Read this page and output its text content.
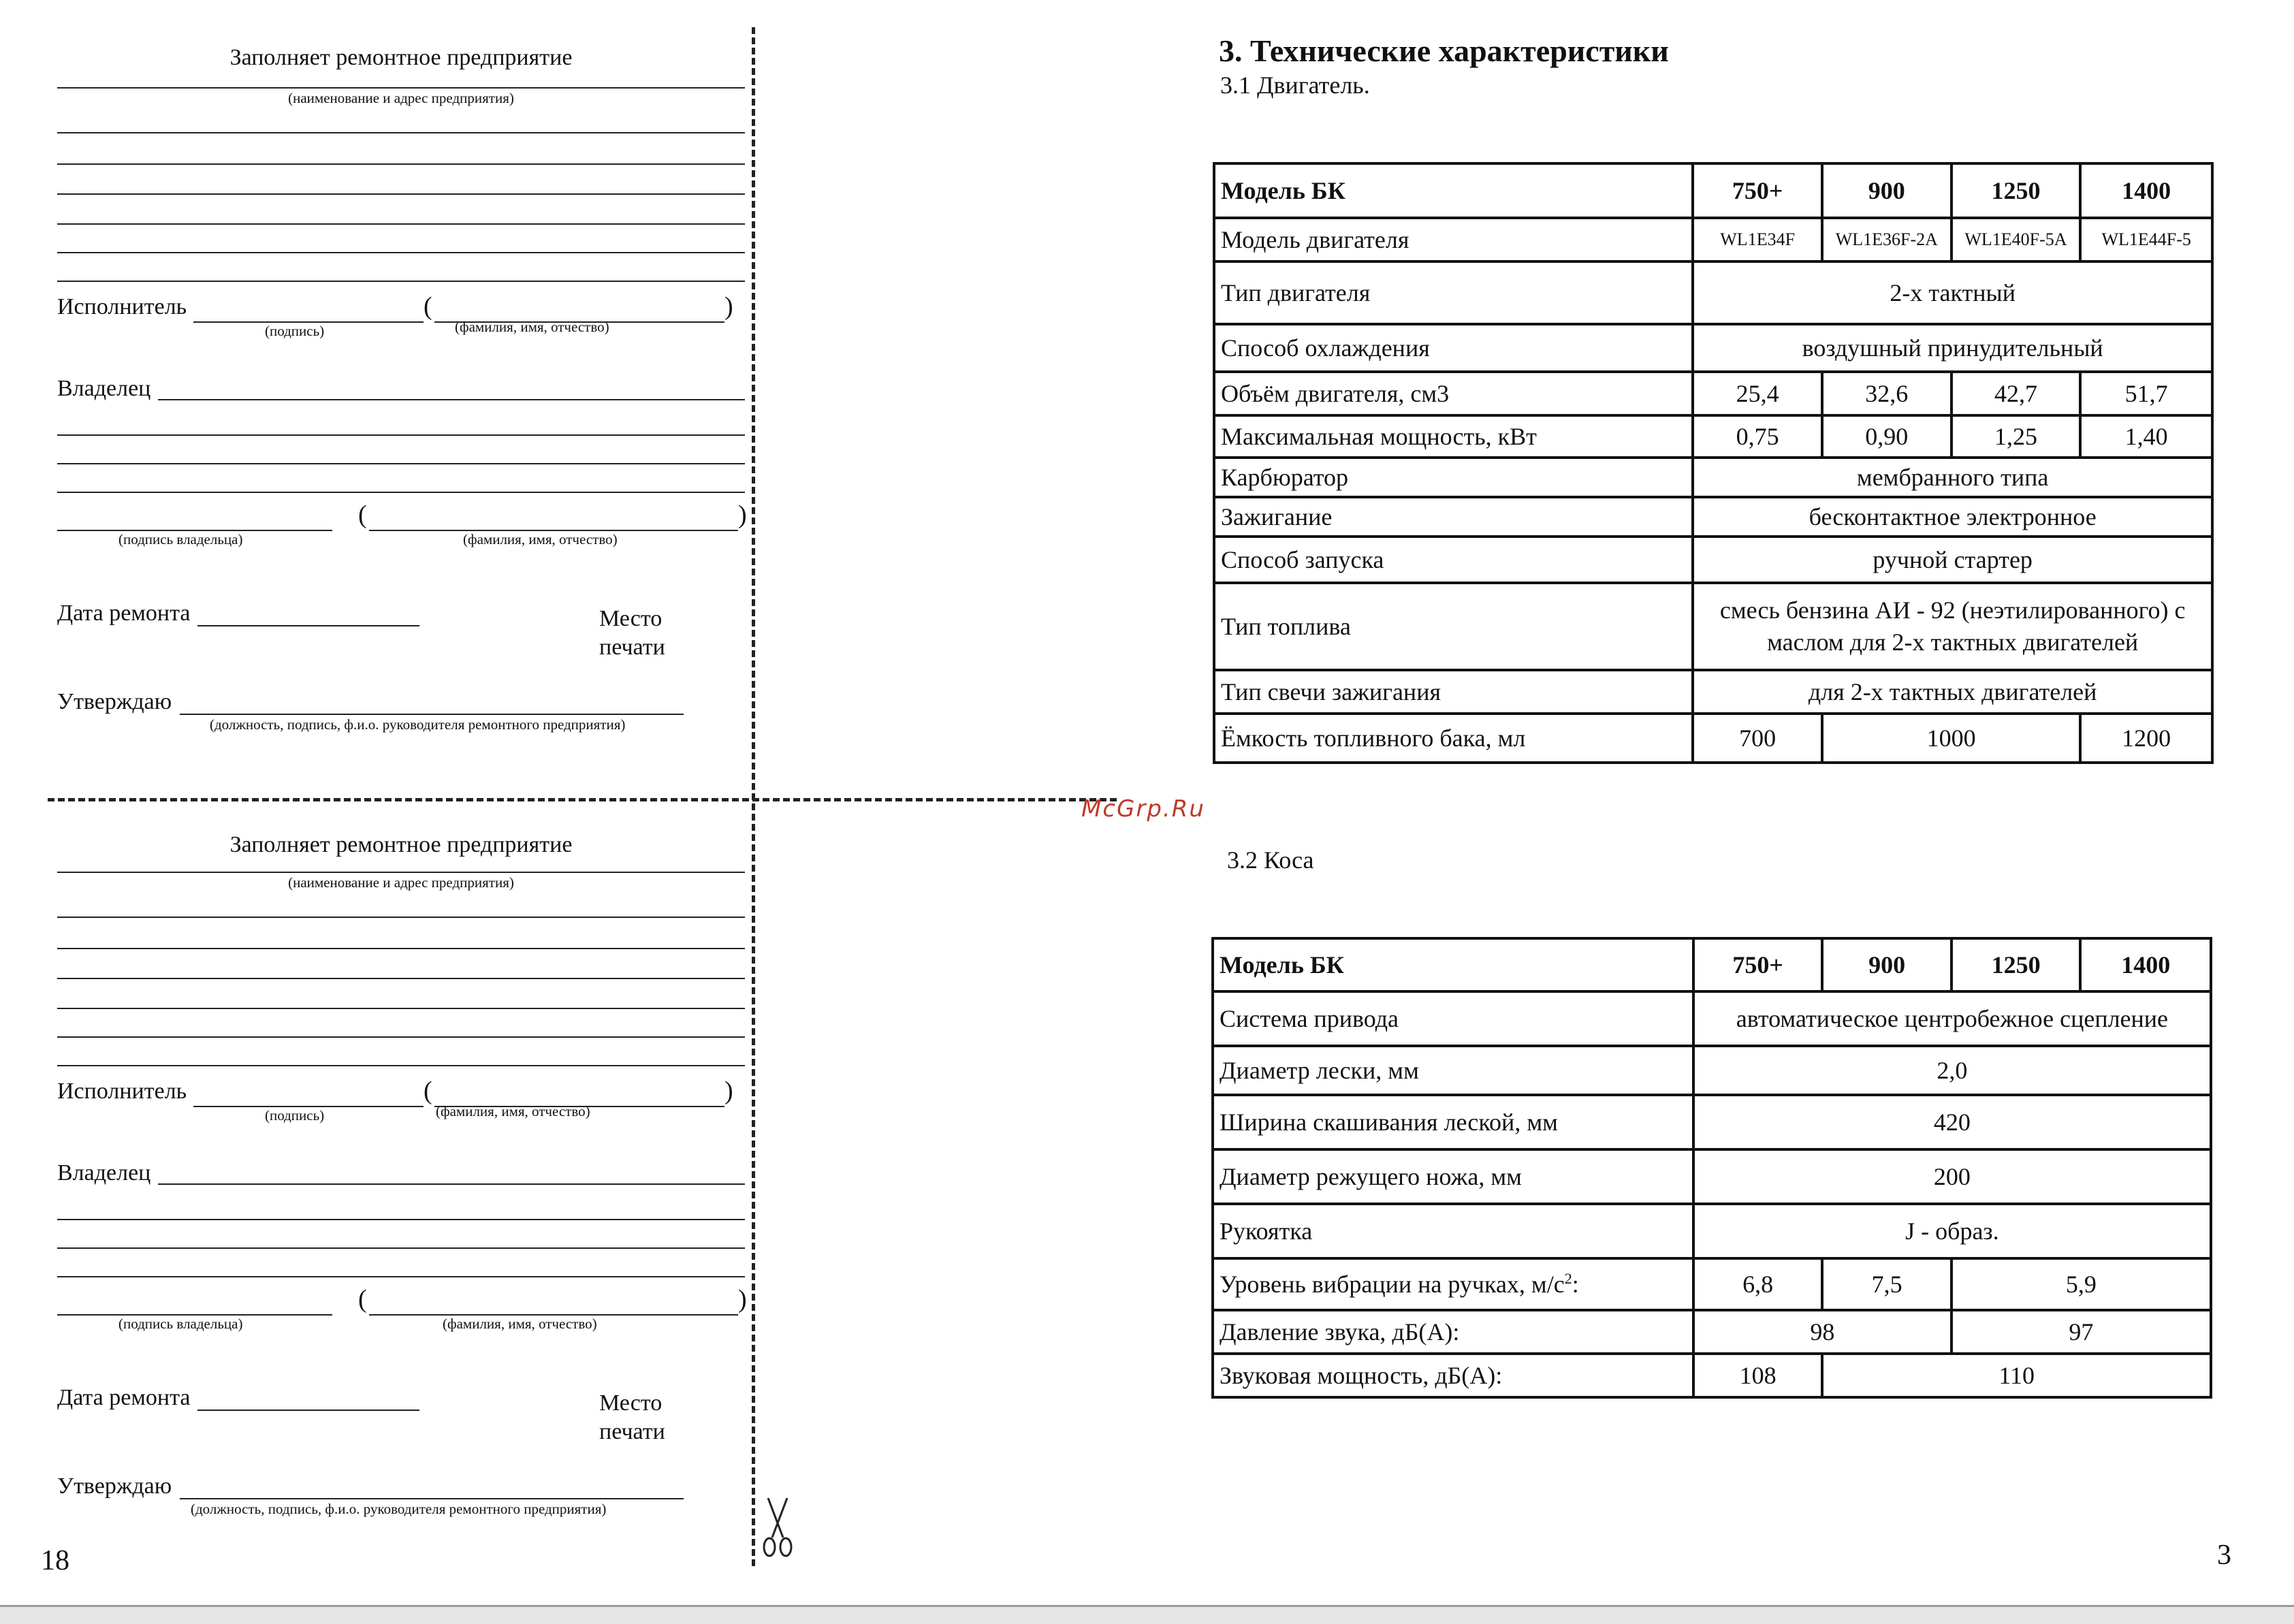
Заполняет ремонтное предприятие
(наименование и адрес предприятия)
Исполнитель	(	)
(подпись)	(фамилия, имя, отчество)
Владелец
(	)
(подпись владельца)	(фамилия, имя, отчество)
Дата ремонта	Место
печати
Утверждаю
(должность, подпись, ф.и.о. руководителя ремонтного предприятия)
Заполняет ремонтное предприятие
(наименование и адрес предприятия)
Исполнитель	(	)
(подпись)	(фамилия, имя, отчество)
Владелец
(	)
(подпись владельца)	(фамилия, имя, отчество)
Дата ремонта	Место
печати
Утверждаю
(должность, подпись, ф.и.о. руководителя ремонтного предприятия)
18	3
3. Технические характеристики
3.1 Двигатель.
Модель БК	750+	900	1250	1400
Модель двигателя	WL1E34F	WL1E36F-2A	WL1E40F-5A	WL1E44F-5
Тип двигателя	2-х тактный			
Способ охлаждения	воздушный принудительный			
Объём двигателя, см3	25,4	32,6	42,7	51,7
Максимальная мощность, кВт	0,75	0,90	1,25	1,40
Карбюратор	мембранного типа			
Зажигание	бесконтактное электронное			
Способ запуска	ручной стартер			
Тип топлива	смесь бензина АИ - 92 (неэтилированного) с
маслом для 2-х тактных двигателей			

Тип свечи зажигания	для 2-х тактных двигателей			
Ёмкость топливного бака, мл	700	1000		1200
McGrp.Ru
3.2 Коса
Модель БК	750+	900	1250	1400
Система привода	автоматическое центробежное сцепление			
Диаметр лески, мм	2,0			
Ширина скашивания леской, мм	420			
Диаметр режущего ножа, мм	200			
Рукоятка	J - образ.			
Уровень вибрации на ручках, $м/с^2$:	6,8	7,5	5,9	
Давление звука, дБ(А):	98		97	
Звуковая мощность, дБ(А):	108	110		
